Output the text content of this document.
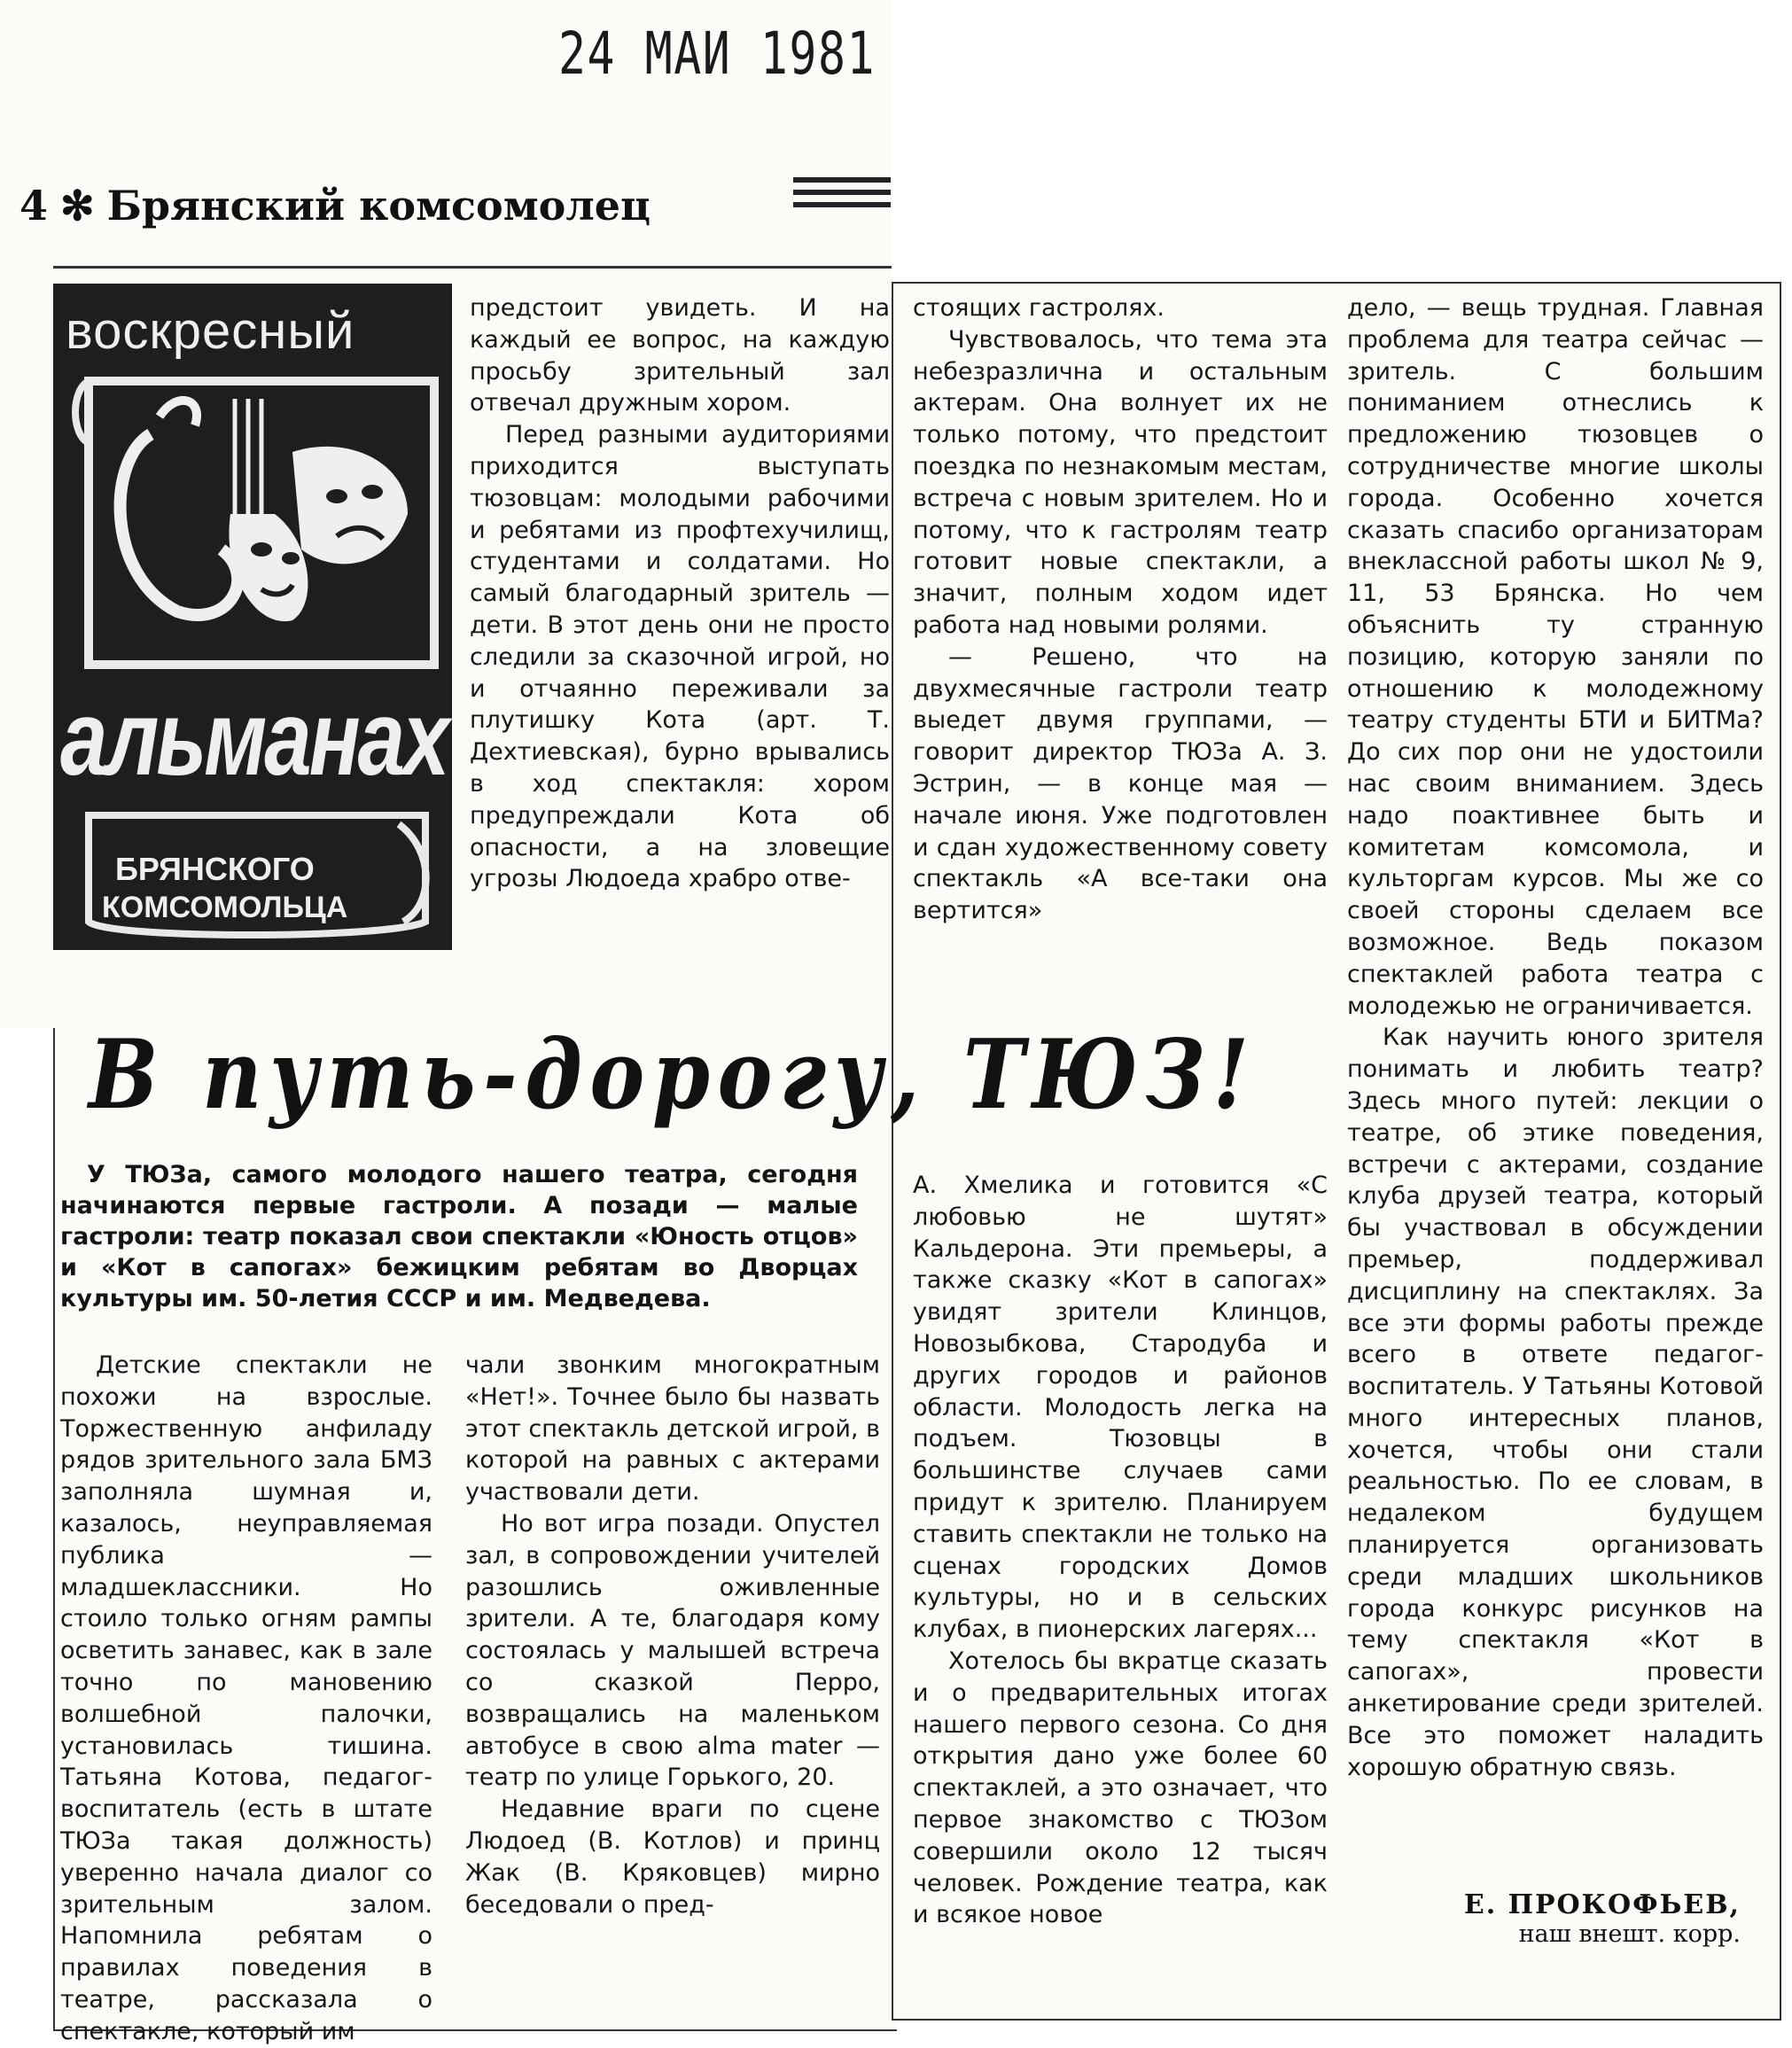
24 МАИ 1981
4 ✻ Брянский комсомолец
воскресный
альманах
БРЯНСКОГО
КОМСОМОЛЬЦА

предстоит увидеть. И на каждый ее вопрос, на каждую просьбу зрительный зал отвечал дружным хором.

Перед разными аудиториями приходится выступать тюзовцам: молодыми рабочими и ребятами из профтехучилищ, студентами и солдатами. Но самый благодарный зритель — дети. В этот день они не просто следили за сказочной игрой, но и отчаянно переживали за плутишку Кота (арт. Т. Дехтиевская), бурно врывались в ход спектакля: хором предупреждали Кота об опасности, а на зловещие угрозы Людоеда храбро отве-

В путь-дорогу, ТЮЗ!

У ТЮЗа, самого молодого нашего театра, сегодня начинаются первые гастроли. А позади — малые гастроли: театр показал свои спектакли «Юность отцов» и «Кот в сапогах» бежицким ребятам во Дворцах культуры им. 50-летия СССР и им. Медведева.

Детские спектакли не похожи на взрослые. Торжественную анфиладу рядов зрительного зала БМЗ заполняла шумная и, казалось, неуправляемая публика — младшеклассники. Но стоило только огням рампы осветить занавес, как в зале точно по мановению волшебной палочки, установилась тишина. Татьяна Котова, педагог-воспитатель (есть в штате ТЮЗа такая должность) уверенно начала диалог со зрительным залом. Напомнила ребятам о правилах поведения в театре, рассказала о спектакле, который им

чали звонким многократным «Нет!». Точнее было бы назвать этот спектакль детской игрой, в которой на равных с актерами участвовали дети.

Но вот игра позади. Опустел зал, в сопровождении учителей разошлись оживленные зрители. А те, благодаря кому состоялась у малышей встреча со сказкой Перро, возвращались на маленьком автобусе в свою alma mater — театр по улице Горького, 20.

Недавние враги по сцене Людоед (В. Котлов) и принц Жак (В. Кряковцев) мирно беседовали о пред-

стоящих гастролях.

Чувствовалось, что тема эта небезразлична и остальным актерам. Она волнует их не только потому, что предстоит поездка по незнакомым местам, встреча с новым зрителем. Но и потому, что к гастролям театр готовит новые спектакли, а значит, полным ходом идет работа над новыми ролями.

— Решено, что на двухмесячные гастроли театр выедет двумя группами, — говорит директор ТЮЗа А. З. Эстрин, — в конце мая — начале июня. Уже подготовлен и сдан художественному совету спектакль «А все-таки она вертится»

А. Хмелика и готовится «С любовью не шутят» Кальдерона. Эти премьеры, а также сказку «Кот в сапогах» увидят зрители Клинцов, Новозыбкова, Стародуба и других городов и районов области. Молодость легка на подъем. Тюзовцы в большинстве случаев сами придут к зрителю. Планируем ставить спектакли не только на сценах городских Домов культуры, но и в сельских клубах, в пионерских лагерях...

Хотелось бы вкратце сказать и о предварительных итогах нашего первого сезона. Со дня открытия дано уже более 60 спектаклей, а это означает, что первое знакомство с ТЮЗом совершили около 12 тысяч человек. Рождение театра, как и всякое новое

дело, — вещь трудная. Главная проблема для театра сейчас — зритель. С большим пониманием отнеслись к предложению тюзовцев о сотрудничестве многие школы города. Особенно хочется сказать спасибо организаторам внеклассной работы школ № 9, 11, 53 Брянска. Но чем объяснить ту странную позицию, которую заняли по отношению к молодежному театру студенты БТИ и БИТМа? До сих пор они не удостоили нас своим вниманием. Здесь надо поактивнее быть и комитетам комсомола, и культоргам курсов. Мы же со своей стороны сделаем все возможное. Ведь показом спектаклей работа театра с молодежью не ограничивается.

Как научить юного зрителя понимать и любить театр? Здесь много путей: лекции о театре, об этике поведения, встречи с актерами, создание клуба друзей театра, который бы участвовал в обсуждении премьер, поддерживал дисциплину на спектаклях. За все эти формы работы прежде всего в ответе педагог-воспитатель. У Татьяны Котовой много интересных планов, хочется, чтобы они стали реальностью. По ее словам, в недалеком будущем планируется организовать среди младших школьников города конкурс рисунков на тему спектакля «Кот в сапогах», провести анкетирование среди зрителей. Все это поможет наладить хорошую обратную связь.

Е. ПРОКОФЬЕВ,
наш внешт. корр.
